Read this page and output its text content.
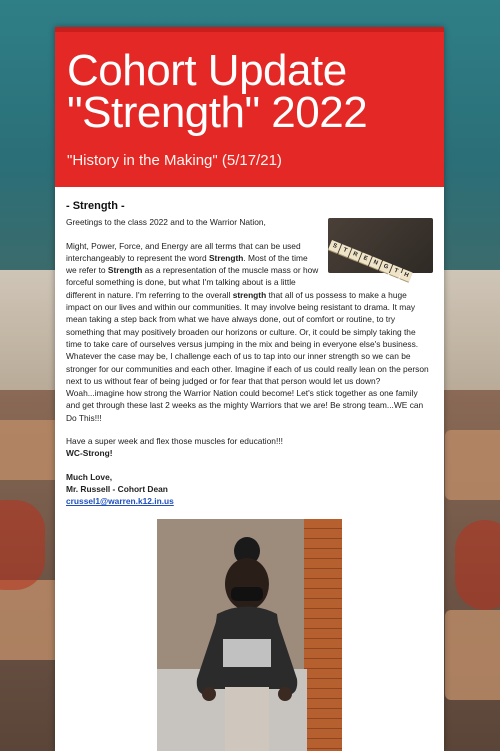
Cohort Update "Strength" 2022
"History in the Making" (5/17/21)
- Strength -
S
T
R
E
N
G
T
H

Greetings to the class 2022 and to the Warrior Nation,

Might, Power, Force, and Energy are all terms that can be used interchangeably to represent the word Strength. Most of the time we refer to Strength as a representation of the muscle mass or how forceful something is done, but what I'm talking about is a little different in nature. I'm referring to the overall strength that all of us possess to make a huge impact on our lives and within our communities. It may involve being resistant to drama. It may mean taking a step back from what we have always done, out of comfort or routine, to try something that may positively broaden our horizons or culture. Or, it could be simply taking the time to take care of ourselves versus jumping in the mix and being in everyone else's business. Whatever the case may be, I challenge each of us to tap into our inner strength so we can be stronger for our communities and each other. Imagine if each of us could really lean on the person next to us without fear of being judged or for fear that that person would let us down? Woah...imagine how strong the Warrior Nation could become! Let's stick together as one family and get through these last 2 weeks as the mighty Warriors that we are! Be strong team...WE can Do This!!!

Have a super week and flex those muscles for education!!!
WC-Strong!

Much Love,
Mr. Russell - Cohort Dean
crussel1@warren.k12.in.us
